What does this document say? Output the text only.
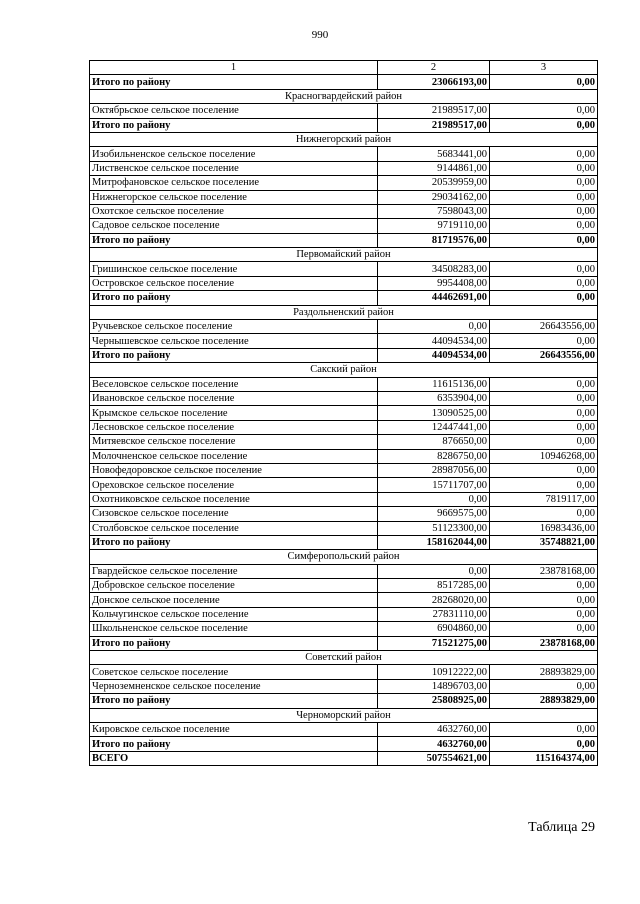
990
1	2	3
Итого по району	23066193,00	0,00
Красногвардейский район		
Октябрьское сельское поселение	21989517,00	0,00
Итого по району	21989517,00	0,00
Нижнегорский район		
Изобильненское сельское поселение	5683441,00	0,00
Лиственское сельское поселение	9144861,00	0,00
Митрофановское сельское поселение	20539959,00	0,00
Нижнегорское сельское поселение	29034162,00	0,00
Охотское сельское поселение	7598043,00	0,00
Садовое сельское поселение	9719110,00	0,00
Итого по району	81719576,00	0,00
Первомайский район		
Гришинское сельское поселение	34508283,00	0,00
Островское сельское поселение	9954408,00	0,00
Итого по району	44462691,00	0,00
Раздольненский район		
Ручьевское сельское поселение	0,00	26643556,00
Чернышевское сельское поселение	44094534,00	0,00
Итого по району	44094534,00	26643556,00
Сакский район		
Веселовское сельское поселение	11615136,00	0,00
Ивановское сельское поселение	6353904,00	0,00
Крымское сельское поселение	13090525,00	0,00
Лесновское сельское поселение	12447441,00	0,00
Митяевское сельское поселение	876650,00	0,00
Молочненское сельское поселение	8286750,00	10946268,00
Новофедоровское сельское поселение	28987056,00	0,00
Ореховское сельское поселение	15711707,00	0,00
Охотниковское сельское поселение	0,00	7819117,00
Сизовское сельское поселение	9669575,00	0,00
Столбовское сельское поселение	51123300,00	16983436,00
Итого по району	158162044,00	35748821,00
Симферопольский район		
Гвардейское сельское поселение	0,00	23878168,00
Добровское сельское поселение	8517285,00	0,00
Донское сельское поселение	28268020,00	0,00
Кольчугинское сельское поселение	27831110,00	0,00
Школьненское сельское поселение	6904860,00	0,00
Итого по району	71521275,00	23878168,00
Советский район		
Советское сельское поселение	10912222,00	28893829,00
Черноземненское сельское поселение	14896703,00	0,00
Итого по району	25808925,00	28893829,00
Черноморский район		
Кировское сельское поселение	4632760,00	0,00
Итого по району	4632760,00	0,00
ВСЕГО	507554621,00	115164374,00
Таблица 29
